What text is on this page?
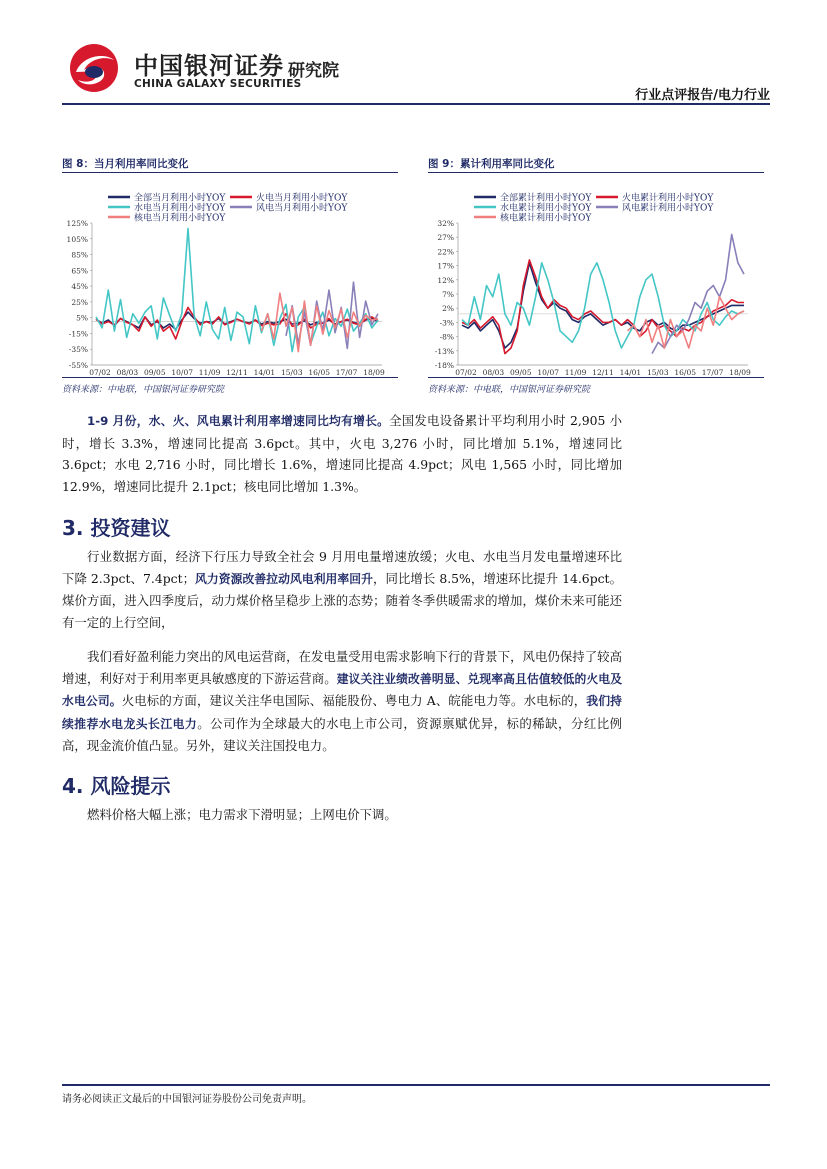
中国银河证券
CHINA GALAXY SECURITIES
研究院
行业点评报告/电力行业
图 8：当月利用率同比变化
全部当月利用小时YOY	火电当月利用小时YOY
水电当月利用小时YOY	风电当月利用小时YOY
核电当月利用小时YOY
125%
105%
85%
65%
45%
25%
5%
-15%
-35%
-55%
07/02 08/03 09/05 10/07 11/09 12/11 14/01 15/03 16/05 17/07 18/09
资料来源：中电联，中国银河证券研究院
图 9：累计利用率同比变化
全部累计利用小时YOY	火电累计利用小时YOY
水电累计利用小时YOY	风电累计利用小时YOY
核电累计利用小时YOY
32%
27%
22%
17%
12%
7%
2%
-3%
-8%
-13%
-18%
07/02 08/03 09/05 10/07 11/09 12/11 14/01 15/03 16/05 17/07 18/09
资料来源：中电联，中国银河证券研究院
1-9 月份，水、火、风电累计利用率增速同比均有增长。全国发电设备累计平均利用小时 2,905 小时，增长 3.3%，增速同比提高 3.6pct。其中，火电 3,276 小时，同比增加 5.1%，增速同比 3.6pct；水电 2,716 小时，同比增长 1.6%，增速同比提高 4.9pct；风电 1,565 小时，同比增加 12.9%，增速同比提升 2.1pct；核电同比增加 1.3%。
3. 投资建议
行业数据方面，经济下行压力导致全社会 9 月用电量增速放缓；火电、水电当月发电量增速环比下降 2.3pct、7.4pct；风力资源改善拉动风电利用率回升，同比增长 8.5%，增速环比提升 14.6pct。煤价方面，进入四季度后，动力煤价格呈稳步上涨的态势；随着冬季供暖需求的增加，煤价未来可能还有一定的上行空间，
我们看好盈利能力突出的风电运营商，在发电量受用电需求影响下行的背景下，风电仍保持了较高增速，利好对于利用率更具敏感度的下游运营商。建议关注业绩改善明显、兑现率高且估值较低的火电及水电公司。火电标的方面，建议关注华电国际、福能股份、粤电力 A、皖能电力等。水电标的，我们持续推荐水电龙头长江电力。公司作为全球最大的水电上市公司，资源禀赋优异，标的稀缺，分红比例高，现金流价值凸显。另外，建议关注国投电力。
4. 风险提示
燃料价格大幅上涨；电力需求下滑明显；上网电价下调。
请务必阅读正文最后的中国银河证券股份公司免责声明。
